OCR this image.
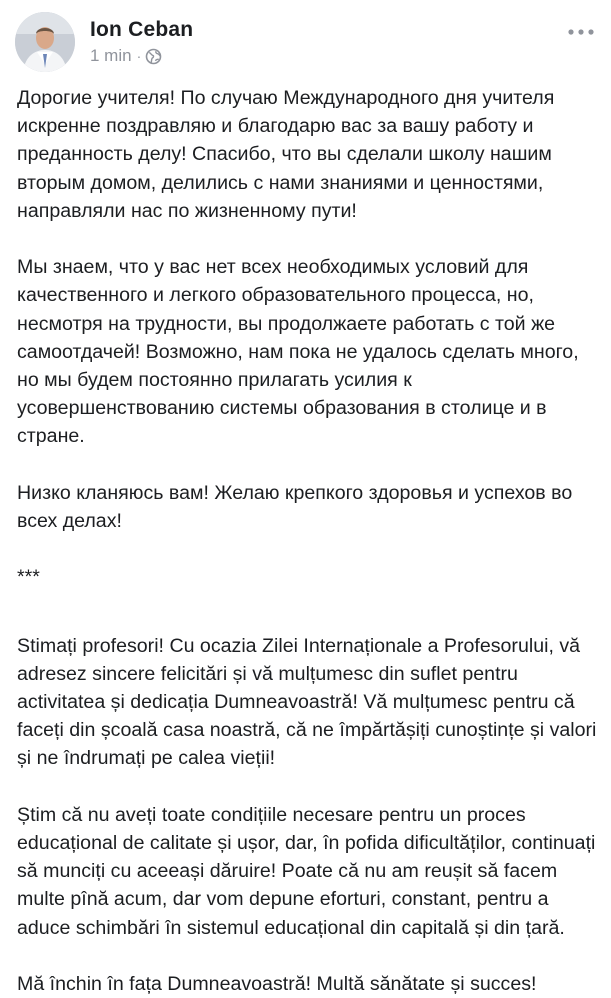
Ion Ceban
1 min ·

Дорогие учителя! По случаю Международного дня учителя искренне поздравляю и благодарю вас за вашу работу и преданность делу! Спасибо, что вы сделали школу нашим вторым домом, делились с нами знаниями и ценностями, направляли нас по жизненному пути!

Мы знаем, что у вас нет всех необходимых условий для качественного и легкого образовательного процесса, но, несмотря на трудности, вы продолжаете работать с той же самоотдачей! Возможно, нам пока не удалось сделать много, но мы будем постоянно прилагать усилия к усовершенствованию системы образования в столице и в стране.

Низко кланяюсь вам! Желаю крепкого здоровья и успехов во всех делах!

***

Stimați profesori! Cu ocazia Zilei Internaționale a Profesorului, vă adresez sincere felicitări și vă mulțumesc din suflet pentru activitatea și dedicația Dumneavoastră! Vă mulțumesc pentru că faceți din școală casa noastră, că ne împărtășiți cunoștințe și valori și ne îndrumați pe calea vieții!

Știm că nu aveți toate condițiile necesare pentru un proces educațional de calitate și ușor, dar, în pofida dificultăților, continuați să munciți cu aceeași dăruire! Poate că nu am reușit să facem multe pînă acum, dar vom depune eforturi, constant, pentru a aduce schimbări în sistemul educațional din capitală și din țară.

Mă închin în fața Dumneavoastră! Multă sănătate și succes!
